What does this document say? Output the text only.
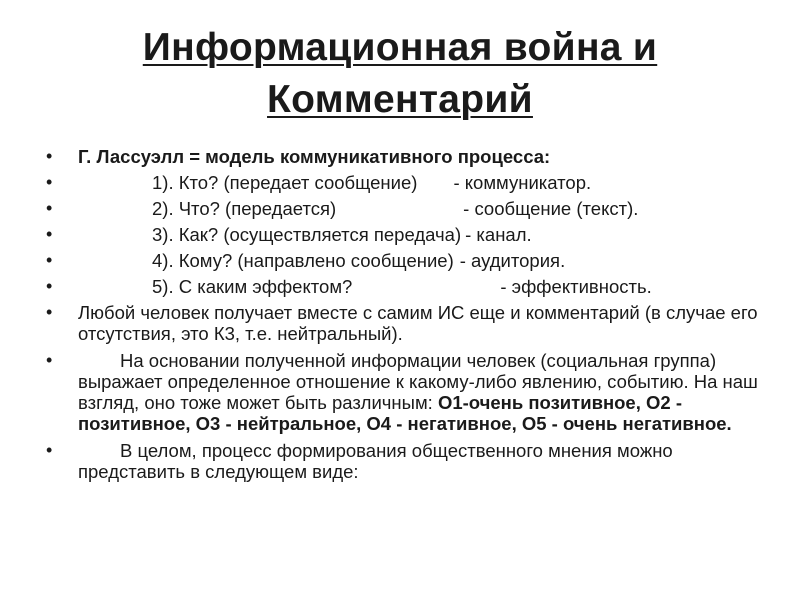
Информационная война и
Комментарий
•	Г. Лассуэлл = модель коммуникативного процесса:
•	1). Кто? (передает сообщение) - коммуникатор.
•	2). Что? (передается)	- сообщение (текст).
•	3). Как? (осуществляется передача) - канал.
•	4). Кому? (направлено сообщение) - аудитория.
•	5). С каким эффектом?	- эффективность.
•	Любой человек получает вместе с самим ИС еще и комментарий (в случае его отсутствия, это К3, т.е. нейтральный).
•	На основании полученной информации человек (социальная группа) выражает определенное отношение к какому-либо явлению, событию. На наш взгляд, оно тоже может быть различным: О1-очень позитивное, О2 - позитивное, О3 - нейтральное, О4 - негативное, О5 - очень негативное.
•	В целом, процесс формирования общественного мнения можно представить в следующем виде:
